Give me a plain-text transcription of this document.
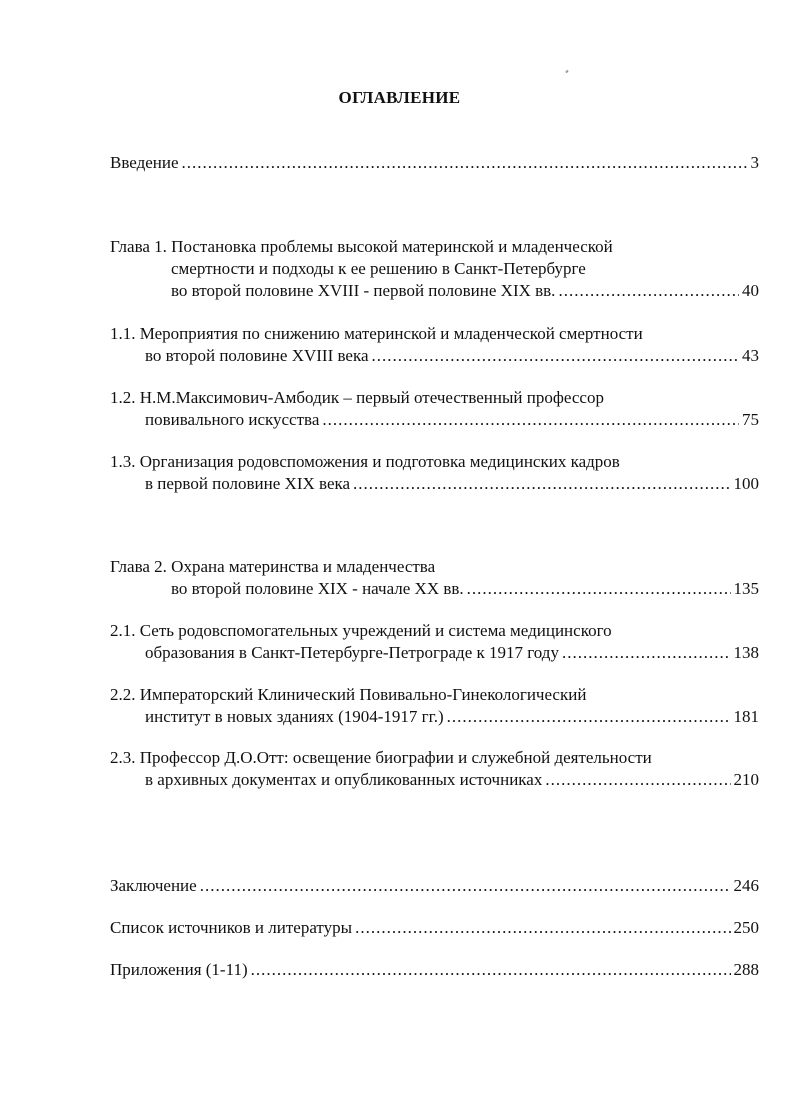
ОГЛАВЛЕНИЕ
Введение .....	3
Глава 1. Постановка проблемы высокой материнской и младенческой
смертности и подходы к ее решению в Санкт-Петербурге
во второй половине XVIII - первой половине XIX вв. .....	40
1.1. Мероприятия по снижению материнской и младенческой смертности
во второй половине XVIII века .....	43
1.2. Н.М.Максимович-Амбодик – первый отечественный профессор
повивального искусства .....	75
1.3. Организация родовспоможения и подготовка медицинских кадров
в первой половине XIX века .....	100
Глава 2. Охрана материнства и младенчества
во второй половине XIX - начале XX вв. .....	135
2.1. Сеть родовспомогательных учреждений и система медицинского
образования в Санкт-Петербурге-Петрограде к 1917 году .....	138
2.2. Императорский Клинический Повивально-Гинекологический
институт в новых зданиях (1904-1917 гг.) .....	181
2.3. Профессор Д.О.Отт: освещение биографии и служебной деятельности
в архивных документах и опубликованных источниках .....	210
Заключение .....	246
Список источников и литературы .....	250
Приложения (1-11) .....	288
